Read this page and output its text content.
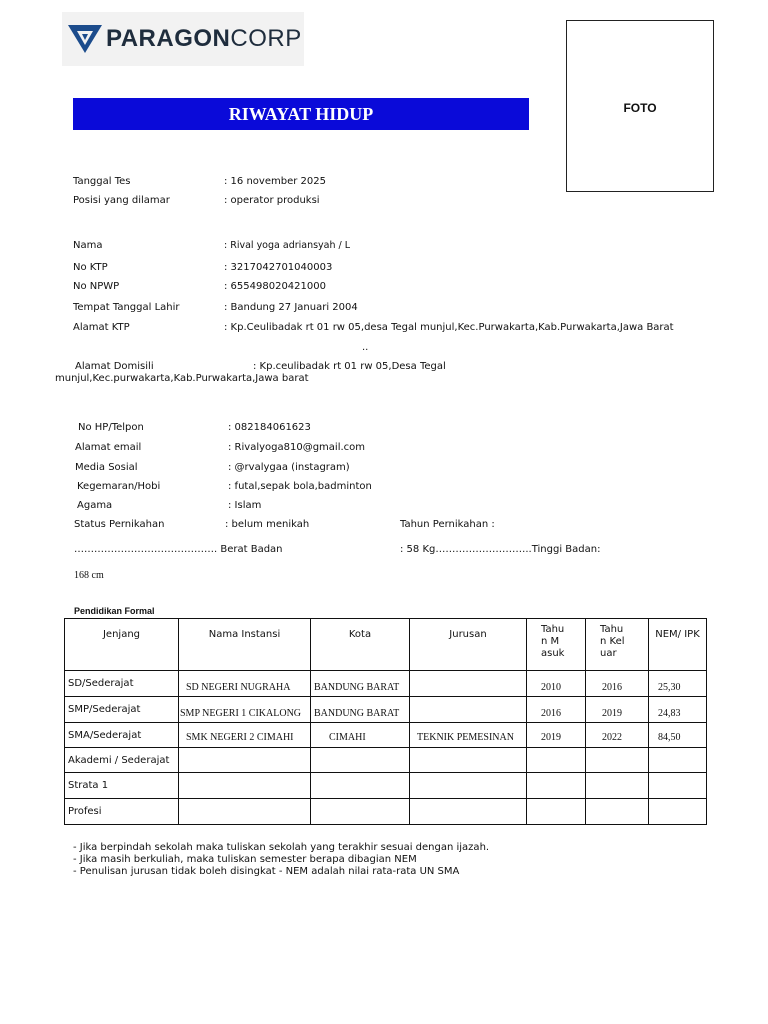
PARAGONCORP
FOTO
RIWAYAT HIDUP
Tanggal Tes	: 16 november 2025
Posisi yang dilamar	: operator produksi
Nama	: Rival yoga adriansyah / L
No KTP	: 3217042701040003
No NPWP	: 655498020421000
Tempat Tanggal Lahir	: Bandung 27 Januari 2004
Alamat KTP	: Kp.Ceulibadak rt 01 rw 05,desa Tegal munjul,Kec.Purwakarta,Kab.Purwakarta,Jawa Barat
..
Alamat Domisili	: Kp.ceulibadak rt 01 rw 05,Desa Tegal
munjul,Kec.purwakarta,Kab.Purwakarta,Jawa barat
No HP/Telpon	: 082184061623
Alamat email	: Rivalyoga810@gmail.com
Media Sosial	: @rvalygaa (instagram)
Kegemaran/Hobi	: futal,sepak bola,badminton
Agama	: Islam
Status Pernikahan	: belum menikah	Tahun Pernikahan :
……………………………………. Berat Badan	: 58 Kg………………………..Tinggi Badan:
168 cm
Pendidikan Formal
Jenjang	Nama Instansi	Kota	Jurusan	Tahun Masuk	Tahun Keluar	NEM/ IPK
SD/Sederajat	SD NEGERI NUGRAHA	BANDUNG BARAT		2010	2016	25,30
SMP/Sederajat	SMP NEGERI 1 CIKALONG	BANDUNG BARAT		2016	2019	24,83
SMA/Sederajat	SMK NEGERI 2 CIMAHI	CIMAHI	TEKNIK PEMESINAN	2019	2022	84,50
Akademi / Sederajat						
Strata 1						
Profesi						
- Jika berpindah sekolah maka tuliskan sekolah yang terakhir sesuai dengan ijazah.
- Jika masih berkuliah, maka tuliskan semester berapa dibagian NEM
- Penulisan jurusan tidak boleh disingkat - NEM adalah nilai rata-rata UN SMA
